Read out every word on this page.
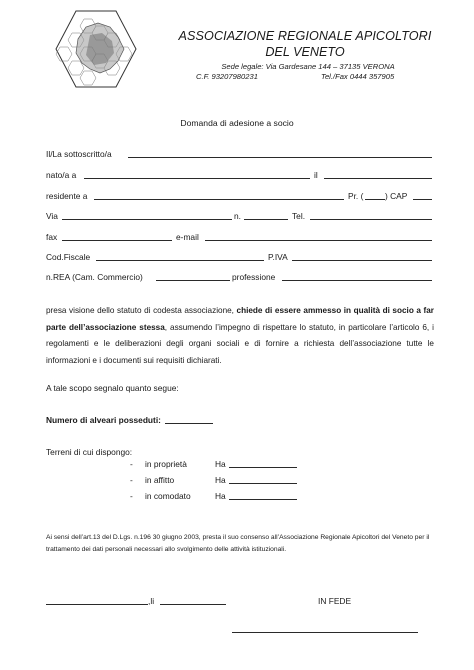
ASSOCIAZIONE REGIONALE APICOLTORI
DEL VENETO
Sede legale: Via Gardesane 144 – 37135 VERONA
C.F. 93207980231	Tel./Fax 0444 357905
Domanda di adesione a socio
Il/La sottoscritto/a
nato/a a	il
residente a	Pr. (	) CAP
Via	n.	Tel.
fax	e-mail
Cod.Fiscale	P.IVA
n.REA (Cam. Commercio)	professione
presa visione dello statuto di codesta associazione, chiede di essere ammesso in qualità di socio a far parte dell’associazione stessa, assumendo l’impegno di rispettare lo statuto, in particolare l’articolo 6, i regolamenti e le deliberazioni degli organi sociali e di fornire a richiesta dell’associazione tutte le informazioni e i documenti sui requisiti dichiarati.
A tale scopo segnalo quanto segue:
Numero di alveari posseduti:
Terreni di cui dispongo:
- in proprietà	Ha
- in affitto	Ha
- in comodato	Ha
Ai sensi dell’art.13 del D.Lgs. n.196 30 giugno 2003, presta il suo consenso all’Associazione Regionale Apicoltori del Veneto per il trattamento dei dati personali necessari allo svolgimento delle attività istituzionali.
,li	IN FEDE
